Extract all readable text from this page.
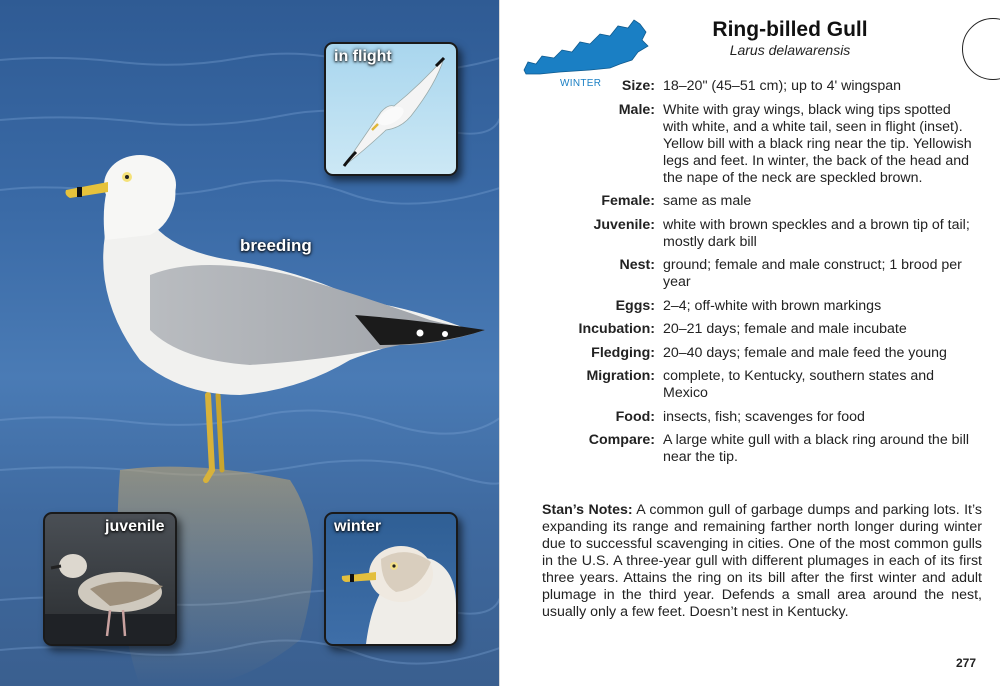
breeding
in flight
juvenile	winter
WINTER
Ring-billed Gull
Larus delawarensis
Size: 18–20" (45–51 cm); up to 4' wingspan
Male: White with gray wings, black wing tips spotted with white, and a white tail, seen in flight (inset). Yellow bill with a black ring near the tip. Yellowish legs and feet. In winter, the back of the head and the nape of the neck are speckled brown.
Female: same as male
Juvenile: white with brown speckles and a brown tip of tail; mostly dark bill
Nest: ground; female and male construct; 1 brood per year
Eggs: 2–4; off-white with brown markings
Incubation: 20–21 days; female and male incubate
Fledging: 20–40 days; female and male feed the young
Migration: complete, to Kentucky, southern states and Mexico
Food: insects, fish; scavenges for food
Compare: A large white gull with a black ring around the bill near the tip.
Stan’s Notes: A common gull of garbage dumps and parking lots. It’s expanding its range and remaining farther north longer during winter due to successful scavenging in cities. One of the most common gulls in the U.S. A three-year gull with different plumages in each of its first three years. Attains the ring on its bill after the first winter and adult plumage in the third year. Defends a small area around the nest, usually only a few feet. Doesn’t nest in Kentucky.
277
